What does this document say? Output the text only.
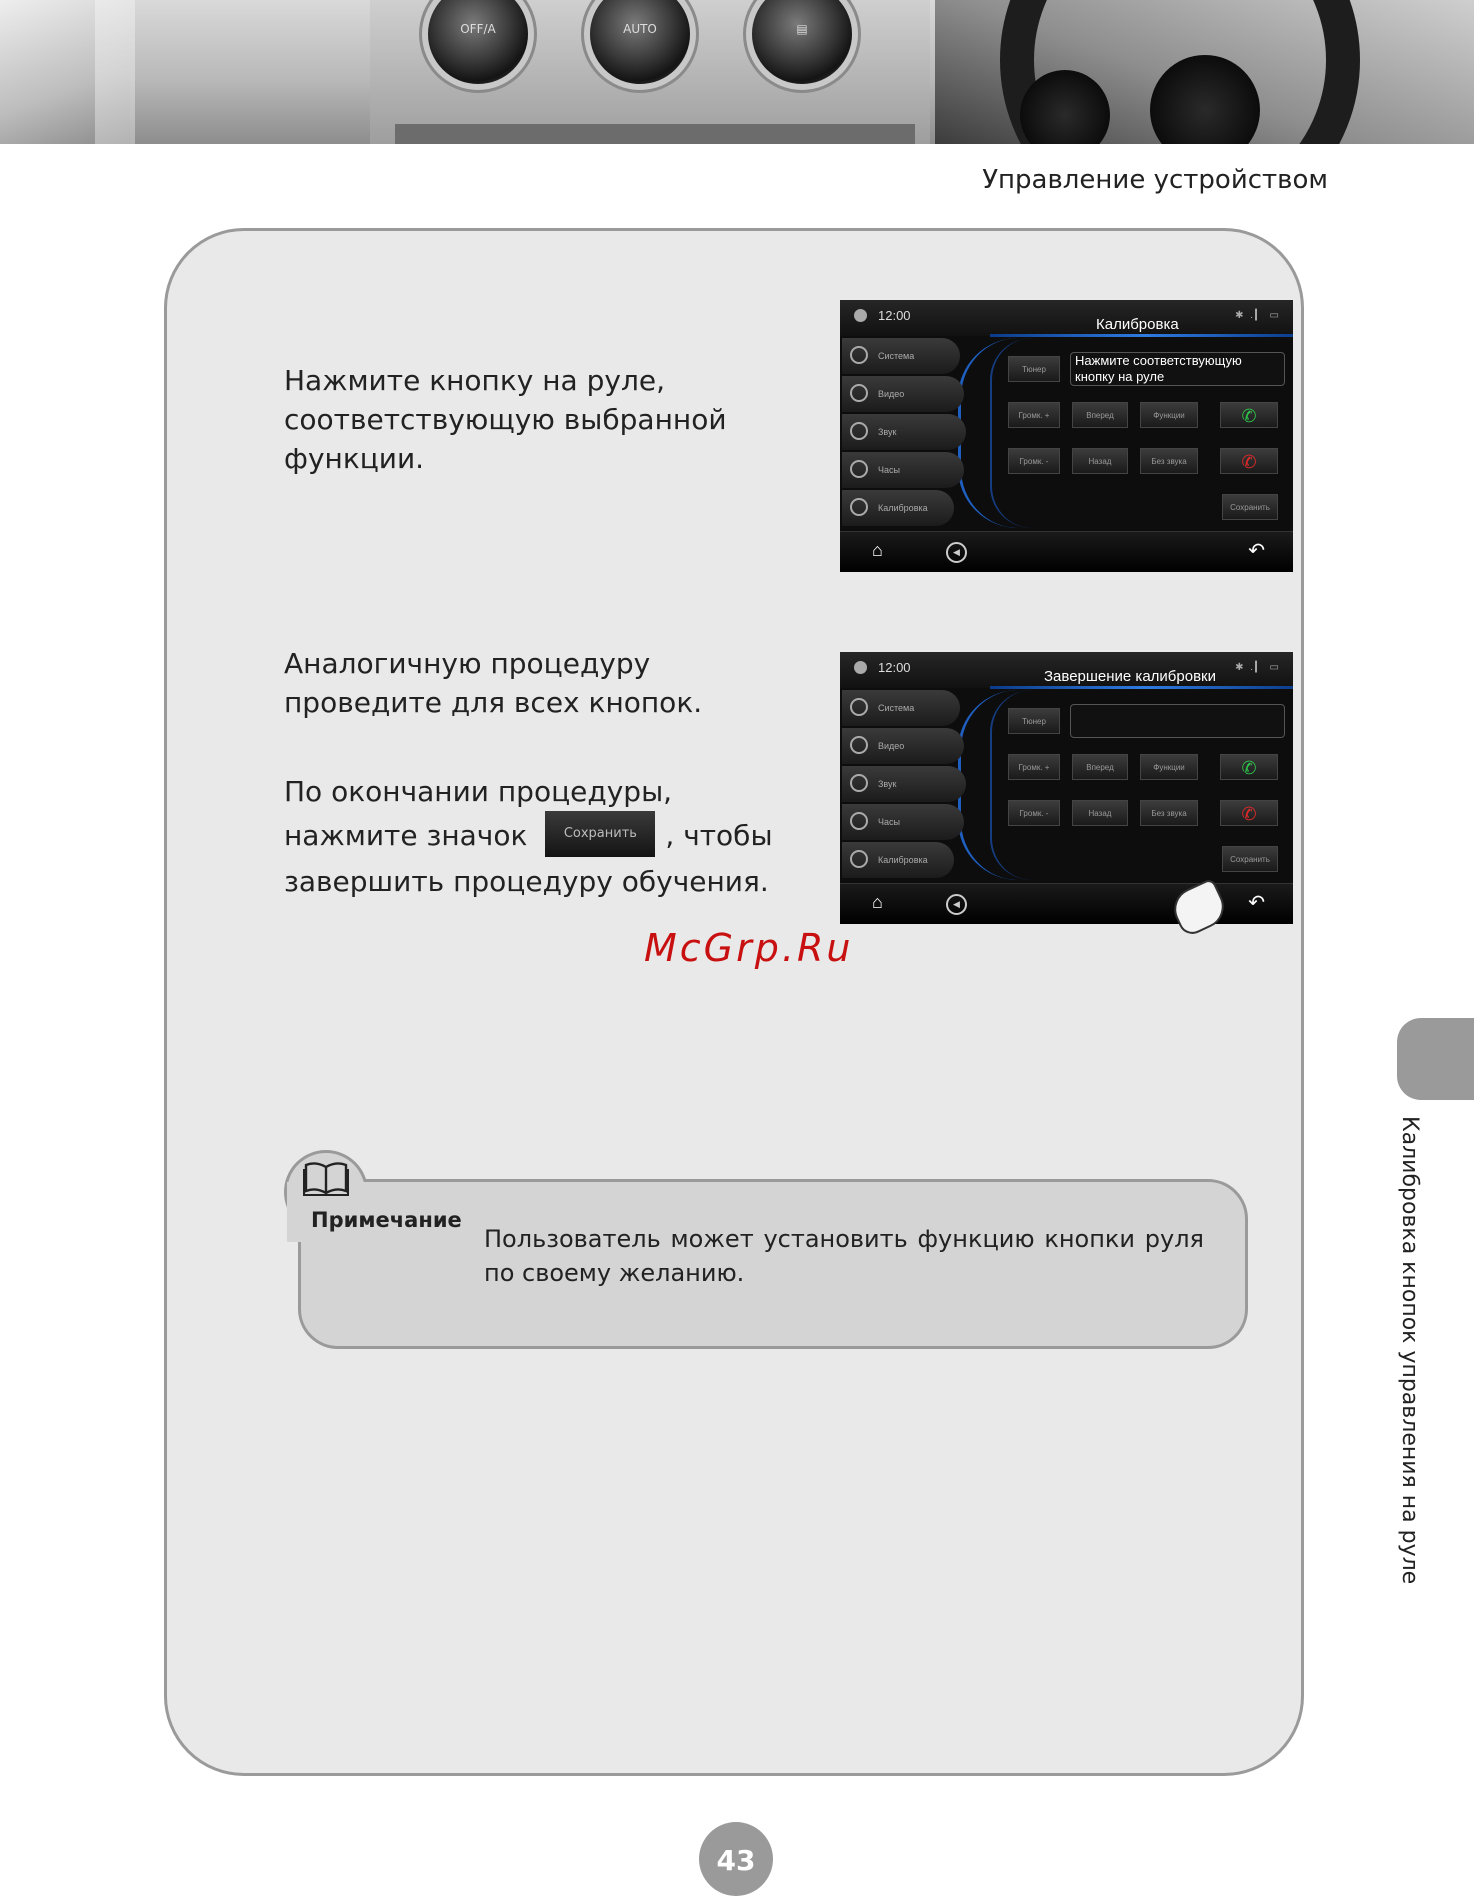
OFF/A	AUTO	▤
Управление устройством
Нажмите кнопку на руле, соответствующую выбранной функции.
12:00
Калибровка
✱ .▎ ▭
Система
Видео
Звук
Часы
Калибровка
Тюнер
Нажмите соответствующую кнопку на руле
Громк. +	Вперед	Функции	✆
Громк. -	Назад	Без звука	✆
Сохранить
⌂	◀	↶
Аналогичную процедуру проведите для всех кнопок.
По окончании процедуры, нажмите значок	Сохранить , чтобы завершить процедуру обучения.
12:00
Завершение калибровки
✱ .▎ ▭
Система
Видео
Звук
Часы
Калибровка
Тюнер
Громк. +	Вперед	Функции	✆
Громк. -	Назад	Без звука	✆
Сохранить
⌂	◀	↶
McGrp.Ru
Калибровка кнопок управления на руле
Примечание
Пользователь может установить функцию кнопки руля по своему желанию.
43
